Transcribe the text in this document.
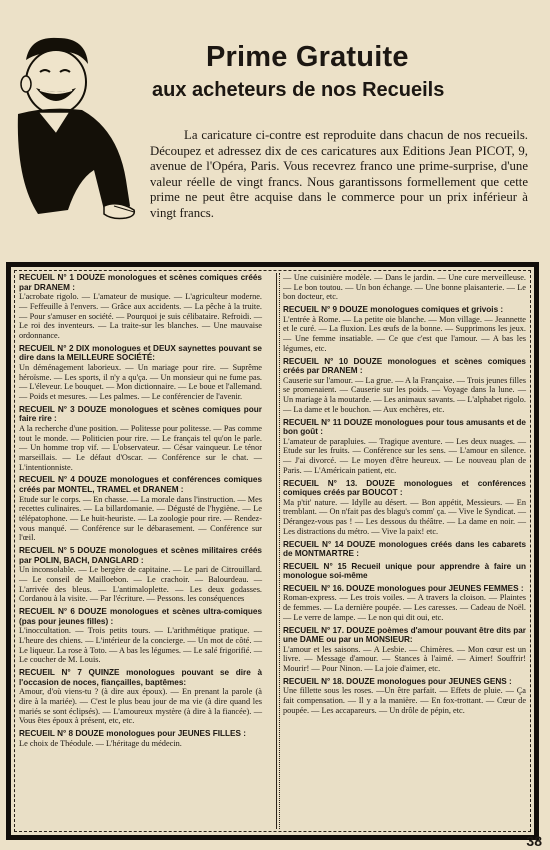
Prime Gratuite
aux acheteurs de nos Recueils
La caricature ci-contre est reproduite dans chacun de nos recueils. Découpez et adressez dix de ces caricatures aux Editions Jean PICOT, 9, avenue de l'Opéra, Paris. Vous recevrez franco une prime-surprise, d'une valeur réelle de vingt francs. Nous garantissons formellement que cette prime ne peut être acquise dans le commerce pour un prix inférieur à vingt francs.
RECUEIL N° 1 DOUZE monologues et scènes comiques créés par DRANEM :
L'acrobate rigolo. — L'amateur de musique. — L'agriculteur moderne. — Feffeuille à l'envers. — Grâce aux accidents. — La pêche à la truite. — Pour s'amuser en société. — Pourquoi je suis célibataire. Refroidi. — Le roi des inventeurs. — La traite-sur les blanches. — Une mauvaise ordonnance.
RECUEIL N° 2 DIX monologues et DEUX saynettes pouvant se dire dans la MEILLEURE SOCIÉTÉ:
Un déménagement laborieux. — Un mariage pour rire. — Suprême héroïsme. — Les sports, il n'y a qu'ça. — Un monsieur qui ne fume pas. — L'éleveur. Le bouquet. — Mon dictionnaire. — Le boue et l'allemand. — Poids et mesures. — Les palmes. — Le conférencier de l'avenir.
RECUEIL N° 3 DOUZE monologues et scènes comiques pour faire rire :
A la recherche d'une position. — Politesse pour politesse. — Pas comme tout le monde. — Politicien pour rire. — Le français tel qu'on le parle. — Un homme trop vif. — L'observateur. — César vainqueur. Le ténor marseillais. — Le défaut d'Oscar. — Conférence sur le chat. — L'intentionniste.
RECUEIL N° 4 DOUZE monologues et conférences comiques créés par MONTEL, TRAMEL et DRANEM :
Etude sur le corps. — En chasse. — La morale dans l'instruction. — Mes recettes culinaires. — La billardomanie. — Dégusté de l'hygiène. — Le télépatophone. — Le huit-heuriste. — La zoologie pour rire. — Rendez-vous manqué. — Conférence sur le débarasement. — Conférence sur l'œil.
RECUEIL N° 5 DOUZE monologues et scènes militaires créés par POLIN, BACH, DANGLARD :
Un inconsolable. — Le bergère de capitaine. — Le pari de Citrouillard. — Le conseil de Mailloebon. — Le crachoir. — Balourdeau. — L'arrivée des bleus. — L'antimaloplette. — Les deux godasses. Cordanou à la visite. — Par l'écriture. — Pessons. les conséquences
RECUEIL N° 6 DOUZE monologues et scènes ultra-comiques (pas pour jeunes filles) :
L'inoccultation. — Trois petits tours. — L'arithmétique pratique. — L'heure des chiens. — L'intérieur de la concierge. — Un mot de côté. — Le liqueur. La rose à Toto. — A bas les légumes. — Le salé frigorifié. — Le coucher de M. Louis.
RECUEIL N° 7 QUINZE monologues pouvant se dire à l'occasion de noces, fiançailles, baptêmes:
Amour, d'où viens-tu ? (à dire aux époux). — En prenant la parole (à dire à la mariée). — C'est le plus beau jour de ma vie (à dire quand les mariés se sont éclipsés). — L'amoureux mystère (à dire à la fiancée). — Vous êtes époux à présent, etc, etc.
RECUEIL N° 8 DOUZE monologues pour JEUNES FILLES :
Le choix de Théodule. — L'héritage du médecin.
— Une cuisinière modèle. — Dans le jardin. — Une cure merveilleuse. — Le bon toutou. — Un bon échange. — Une bonne plaisanterie. — Le bon docteur, etc.
RECUEIL N° 9 DOUZE monologues comiques et grivois :
L'entrée à Rome. — La petite oie blanche. — Mon village. — Jeannette et le curé. — La fluxion. Les œufs de la bonne. — Supprimons les jeux. — Une femme insatiable. — Ce que c'est que l'amour. — A bas les légumes, etc.
RECUEIL N° 10 DOUZE monologues et scènes comiques créés par DRANEM :
Causerie sur l'amour. — La grue. — A la Française. — Trois jeunes filles se promenaient. — Causerie sur les poids. — Voyage dans la lune. — Un mariage à la moutarde. — Les animaux savants. — L'alphabet rigolo. — La dame et le bouchon. — Aux enchères, etc.
RECUEIL N° 11 DOUZE monologues pour tous amusants et de bon goût :
L'amateur de parapluies. — Tragique aventure. — Les deux nuages. — Etude sur les fruits. — Conférence sur les sens. — L'amour en silence. — J'ai divorcé. — Le moyen d'être heureux. — Le nouveau plan de Paris. — L'Américain patient, etc.
RECUEIL N° 13. DOUZE monologues et conférences comiques créés par BOUCOT :
Ma p'tit' nature. — Idylle au désert. — Bon appétit, Messieurs. — En tremblant. — On n'fait pas des blagu's comm' ça. — Vive le Syndicat. — Dérangez-vous pas ! — Les dessous du théâtre. — La dame en noir. — Les distractions du métro. — Vive la paix! etc.
RECUEIL N° 14 DOUZE monologues créés dans les cabarets de MONTMARTRE :
RECUEIL N° 15 Recueil unique pour apprendre à faire un monologue soi-même
RECUEIL N° 16. DOUZE monologues pour JEUNES FEMMES :
Roman-express. — Les trois voiles. — A travers la cloison. — Plaintes de femmes. — La dernière poupée. — Les caresses. — Cadeau de Noël. — Le verre de lampe. — Le non qui dit oui, etc.
RECUEIL N° 17. DOUZE poèmes d'amour pouvant être dits par une DAME ou par un MONSIEUR:
L'amour et les saisons. — A Lesbie. — Chimères. — Mon cœur est un livre. — Message d'amour. — Stances à l'aimé. — Aimer! Souffrir! Mourir! — Pour Ninon. — La joie d'aimer, etc.
RECUEIL N° 18. DOUZE monologues pour JEUNES GENS :
Une fillette sous les roses. —Un être parfait. — Effets de pluie. — Ça fait compensation. — Il y a la manière. — En fox-trottant. — Cœur de poupée. — Les accapareurs. — Un drôle de pépin, etc.
38
